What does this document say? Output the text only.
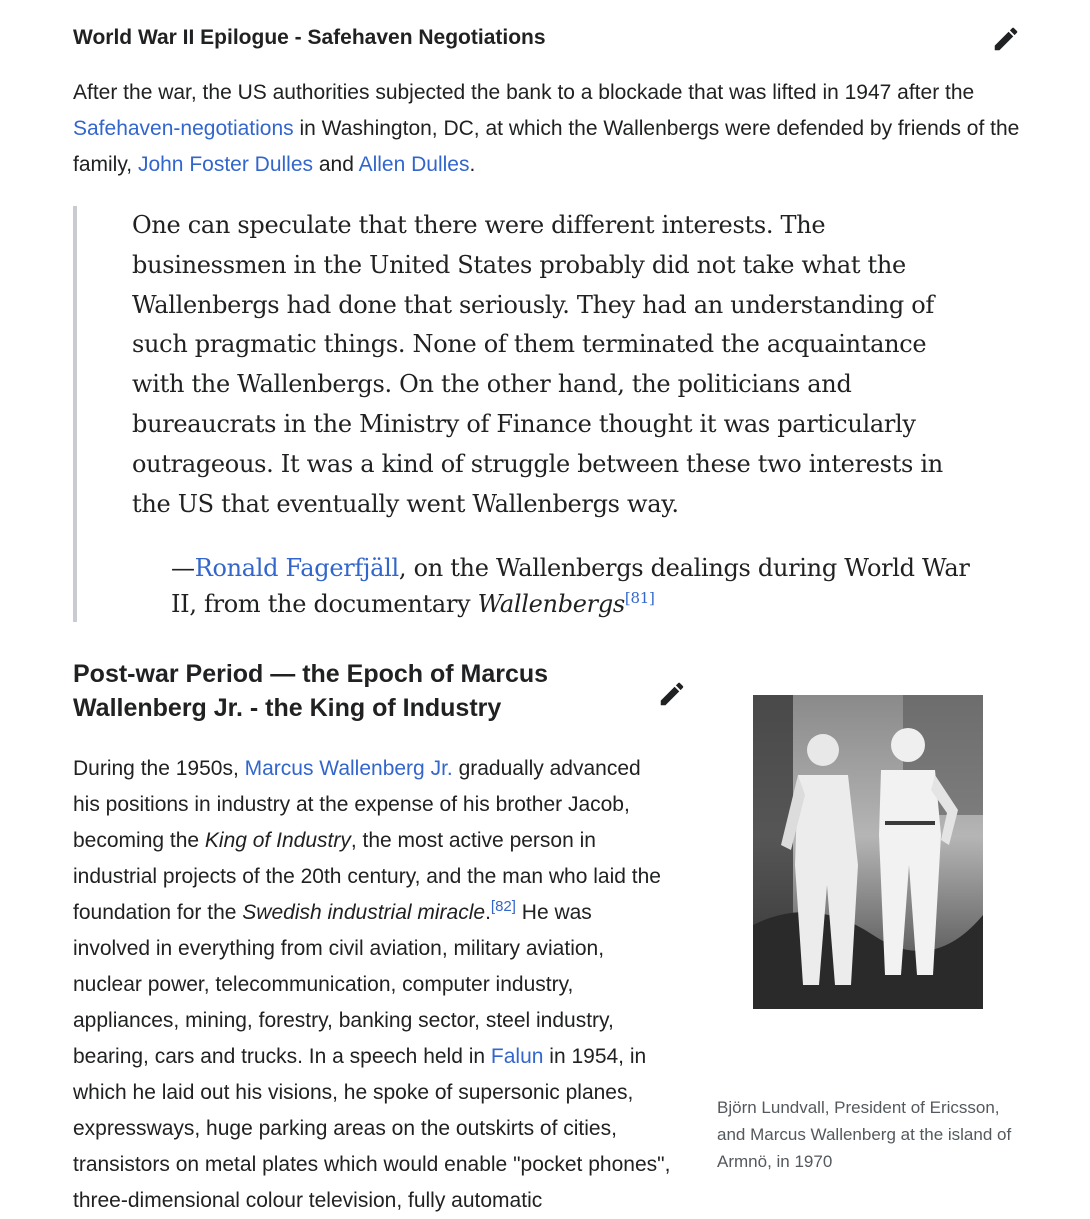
World War II Epilogue - Safehaven Negotiations

After the war, the US authorities subjected the bank to a blockade that was lifted in 1947 after the Safehaven-negotiations in Washington, DC, at which the Wallenbergs were defended by friends of the family, John Foster Dulles and Allen Dulles.

One can speculate that there were different interests. The businessmen in the United States probably did not take what the Wallenbergs had done that seriously. They had an understanding of such pragmatic things. None of them terminated the acquaintance with the Wallenbergs. On the other hand, the politicians and bureaucrats in the Ministry of Finance thought it was particularly outrageous. It was a kind of struggle between these two interests in the US that eventually went Wallenbergs way.

—Ronald Fagerfjäll, on the Wallenbergs dealings during World War II, from the documentary Wallenbergs[81]

Post-war Period — the Epoch of Marcus Wallenberg Jr. - the King of Industry

During the 1950s, Marcus Wallenberg Jr. gradually advanced his positions in industry at the expense of his brother Jacob, becoming the King of Industry, the most active person in industrial projects of the 20th century, and the man who laid the foundation for the Swedish industrial miracle.[82] He was involved in everything from civil aviation, military aviation, nuclear power, telecommunication, computer industry, appliances, mining, forestry, banking sector, steel industry, bearing, cars and trucks. In a speech held in Falun in 1954, in which he laid out his visions, he spoke of supersonic planes, expressways, huge parking areas on the outskirts of cities, transistors on metal plates which would enable "pocket phones", three-dimensional colour television, fully automatic

Björn Lundvall, President of Ericsson, and Marcus Wallenberg at the island of Armnö, in 1970
